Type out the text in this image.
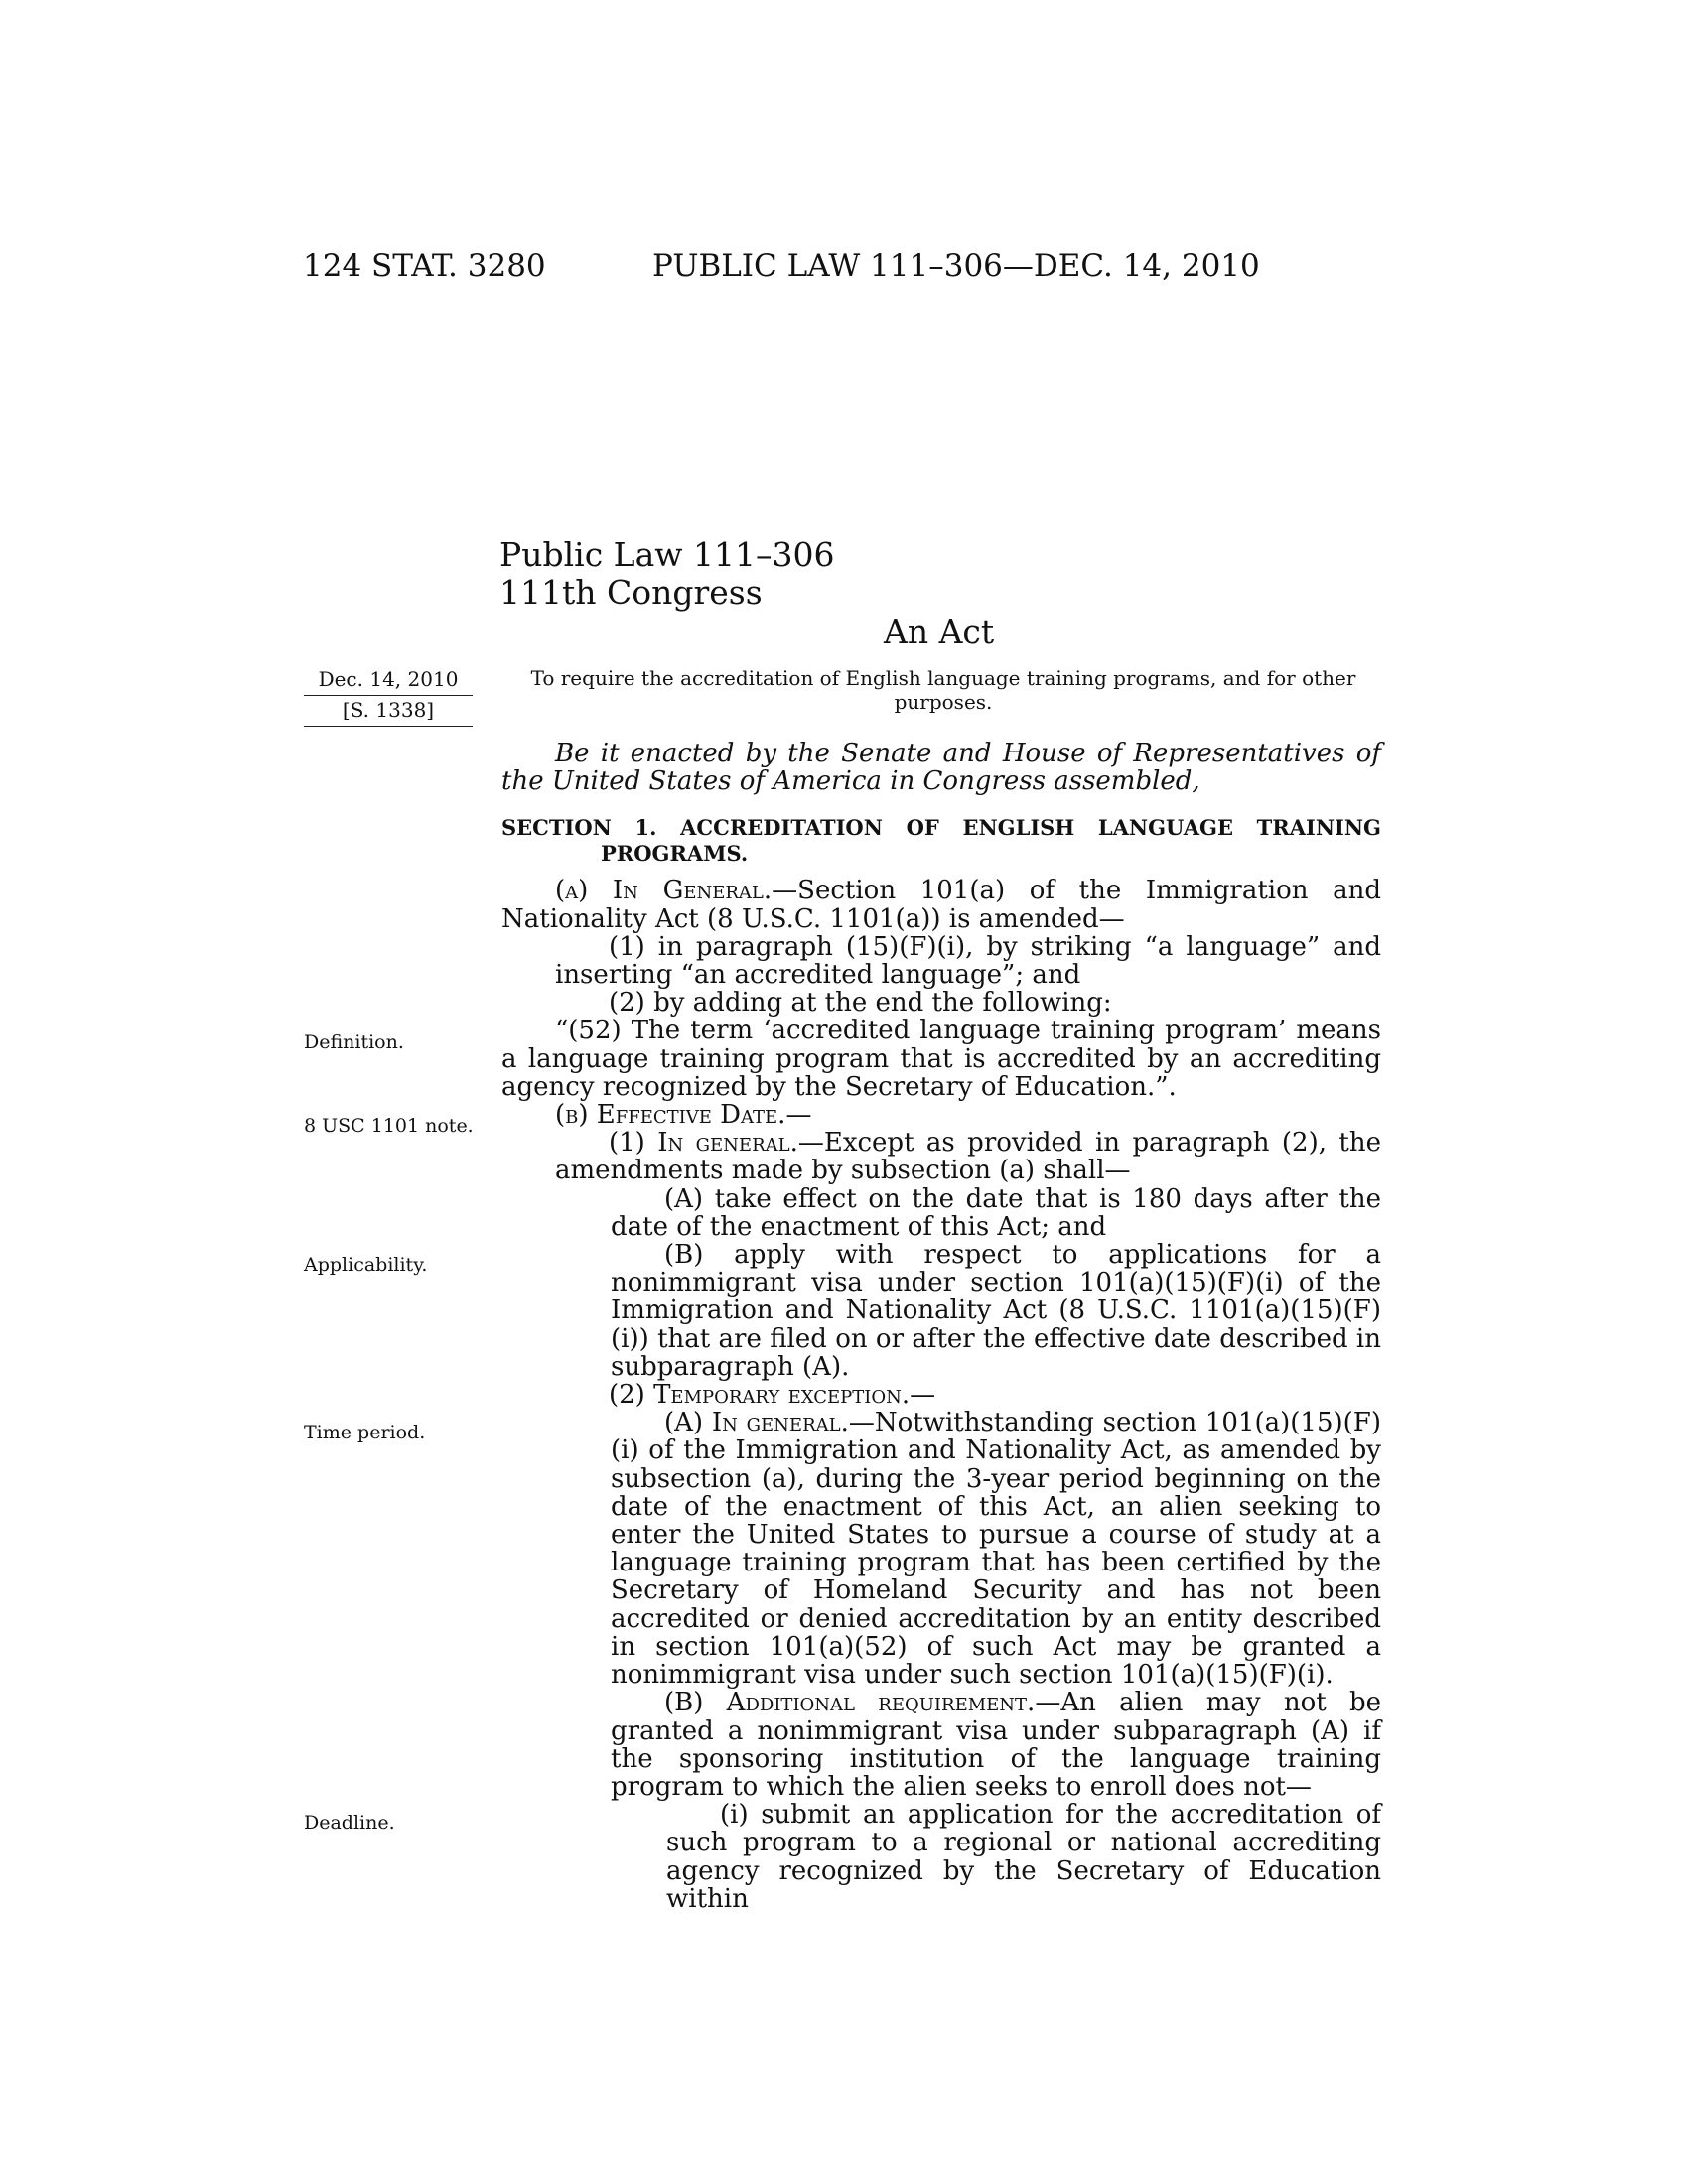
124 STAT. 3280	PUBLIC LAW 111–306—DEC. 14, 2010
Public Law 111–306
111th Congress
An Act
Dec. 14, 2010
[S. 1338]
To require the accreditation of English language training programs, and for other purposes.

Be it enacted by the Senate and House of Representatives of the United States of America in Congress assembled,

SECTION 1. ACCREDITATION OF ENGLISH LANGUAGE TRAINING PROGRAMS.

(a) In General.—Section 101(a) of the Immigration and Nationality Act (8 U.S.C. 1101(a)) is amended—

(1) in paragraph (15)(F)(i), by striking “a language” and inserting “an accredited language”; and

(2) by adding at the end the following:

“(52) The term ‘accredited language training program’ means a language training program that is accredited by an accrediting agency recognized by the Secretary of Education.”.

(b) Effective Date.—

(1) In general.—Except as provided in paragraph (2), the amendments made by subsection (a) shall—

(A) take effect on the date that is 180 days after the date of the enactment of this Act; and

(B) apply with respect to applications for a nonimmigrant visa under section 101(a)(15)(F)(i) of the Immigration and Nationality Act (8 U.S.C. 1101(a)(15)(F)(i)) that are filed on or after the effective date described in subparagraph (A).

(2) Temporary exception.—

(A) In general.—Notwithstanding section 101(a)(15)(F)(i) of the Immigration and Nationality Act, as amended by subsection (a), during the 3-year period beginning on the date of the enactment of this Act, an alien seeking to enter the United States to pursue a course of study at a language training program that has been certified by the Secretary of Homeland Security and has not been accredited or denied accreditation by an entity described in section 101(a)(52) of such Act may be granted a nonimmigrant visa under such section 101(a)(15)(F)(i).

(B) Additional requirement.—An alien may not be granted a nonimmigrant visa under subparagraph (A) if the sponsoring institution of the language training program to which the alien seeks to enroll does not—

(i) submit an application for the accreditation of such program to a regional or national accrediting agency recognized by the Secretary of Education within

Definition.
8 USC 1101 note.
Applicability.
Time period.
Deadline.
